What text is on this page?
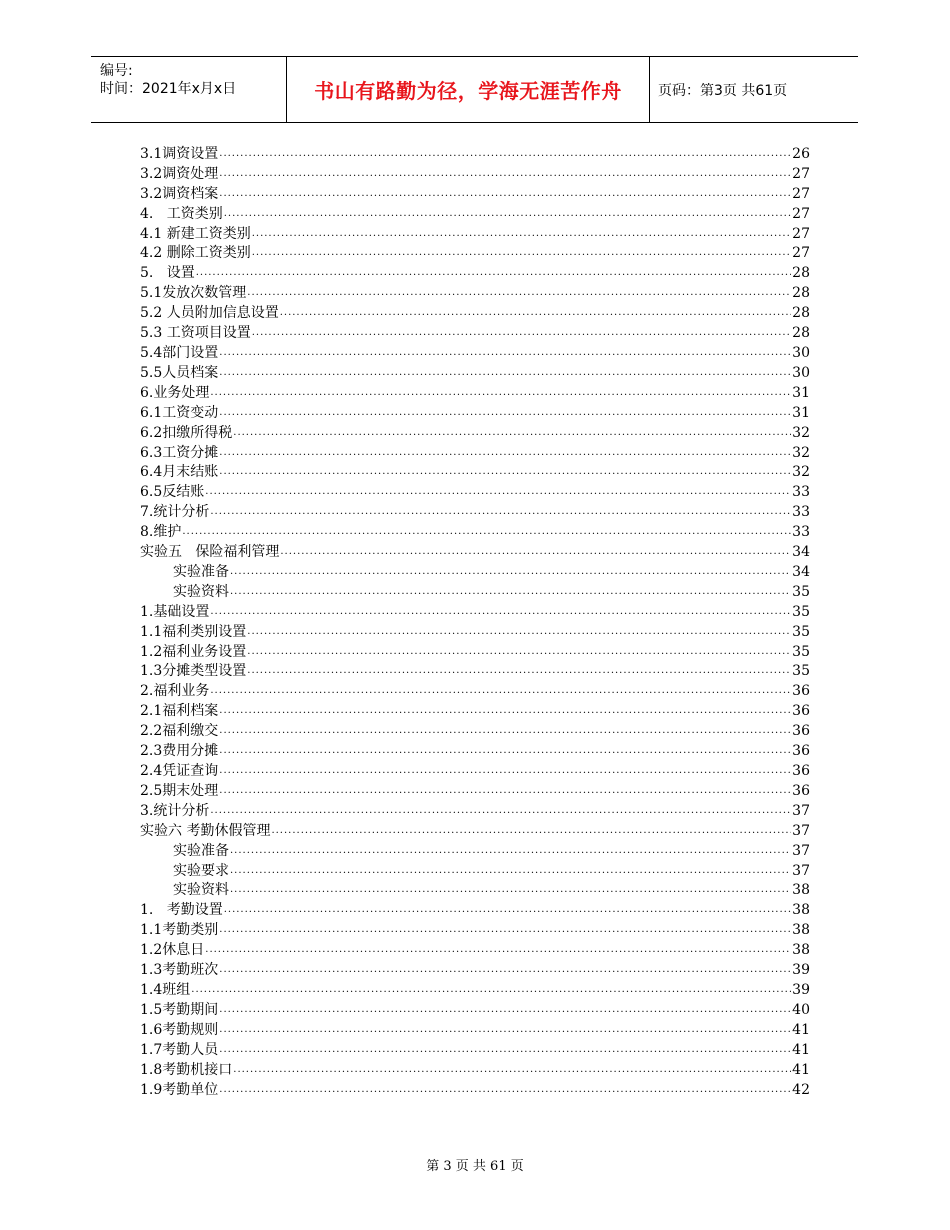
编号:
时间：2021年x月x日	书山有路勤为径，学海无涯苦作舟	页码：第3页 共61页
3.1调资设置 .....	26
3.2调资处理 .....	27
3.2调资档案 .....	27
4.   工资类别 .....	27
4.1 新建工资类别 .....	27
4.2 删除工资类别 .....	27
5.   设置 .....	28
5.1发放次数管理 .....	28
5.2 人员附加信息设置 .....	28
5.3 工资项目设置 .....	28
5.4部门设置 .....	30
5.5人员档案 .....	30
6.业务处理 .....	31
6.1工资变动 .....	31
6.2扣缴所得税 .....	32
6.3工资分摊 .....	32
6.4月末结账 .....	32
6.5反结账 .....	33
7.统计分析 .....	33
8.维护 .....	33
实验五   保险福利管理 .....	34
实验准备 .....	34
实验资料 .....	35
1.基础设置 .....	35
1.1福利类别设置 .....	35
1.2福利业务设置 .....	35
1.3分摊类型设置 .....	35
2.福利业务 .....	36
2.1福利档案 .....	36
2.2福利缴交 .....	36
2.3费用分摊 .....	36
2.4凭证查询 .....	36
2.5期末处理 .....	36
3.统计分析 .....	37
实验六 考勤休假管理 .....	37
实验准备 .....	37
实验要求 .....	37
实验资料 .....	38
1.   考勤设置 .....	38
1.1考勤类别 .....	38
1.2休息日 .....	38
1.3考勤班次 .....	39
1.4班组 .....	39
1.5考勤期间 .....	40
1.6考勤规则 .....	41
1.7考勤人员 .....	41
1.8考勤机接口 .....	41
1.9考勤单位 .....	42
第 3 页 共 61 页
